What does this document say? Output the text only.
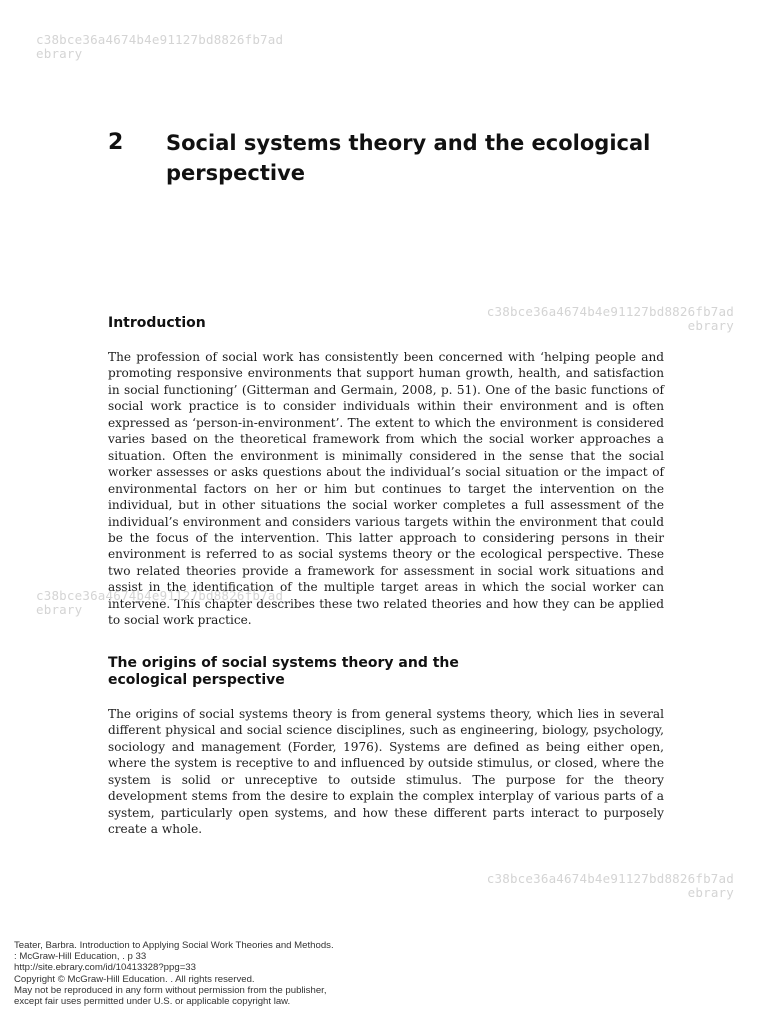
c38bce36a4674b4e91127bd8826fb7ad
ebrary
2 Social systems theory and the ecological perspective
c38bce36a4674b4e91127bd8826fb7ad
ebrary
Introduction

The profession of social work has consistently been concerned with ‘helping people and promoting responsive environments that support human growth, health, and satisfaction in social functioning’ (Gitterman and Germain, 2008, p. 51). One of the basic functions of social work practice is to consider individuals within their environment and is often expressed as ‘person-in-environment’. The extent to which the environment is considered varies based on the theoretical framework from which the social worker approaches a situation. Often the environment is minimally considered in the sense that the social worker assesses or asks questions about the individual’s social situation or the impact of environmental factors on her or him but continues to target the intervention on the individual, but in other situations the social worker completes a full assessment of the individual’s environment and considers various targets within the environment that could be the focus of the intervention. This latter approach to considering persons in their environment is referred to as social systems theory or the ecological perspective. These two related theories provide a framework for assessment in social work situations and assist in the identification of the multiple target areas in which the social worker can intervene. This chapter describes these two related theories and how they can be applied to social work practice.

c38bce36a4674b4e91127bd8826fb7ad
ebrary
The origins of social systems theory and the ecological perspective

The origins of social systems theory is from general systems theory, which lies in several different physical and social science disciplines, such as engineering, biology, psychology, sociology and management (Forder, 1976). Systems are defined as being either open, where the system is receptive to and influenced by outside stimulus, or closed, where the system is solid or unreceptive to outside stimulus. The purpose for the theory development stems from the desire to explain the complex interplay of various parts of a system, particularly open systems, and how these different parts interact to purposely create a whole.

c38bce36a4674b4e91127bd8826fb7ad
ebrary
Teater, Barbra. Introduction to Applying Social Work Theories and Methods.
: McGraw-Hill Education, . p 33
http://site.ebrary.com/id/10413328?ppg=33
Copyright © McGraw-Hill Education. . All rights reserved.
May not be reproduced in any form without permission from the publisher,
except fair uses permitted under U.S. or applicable copyright law.
